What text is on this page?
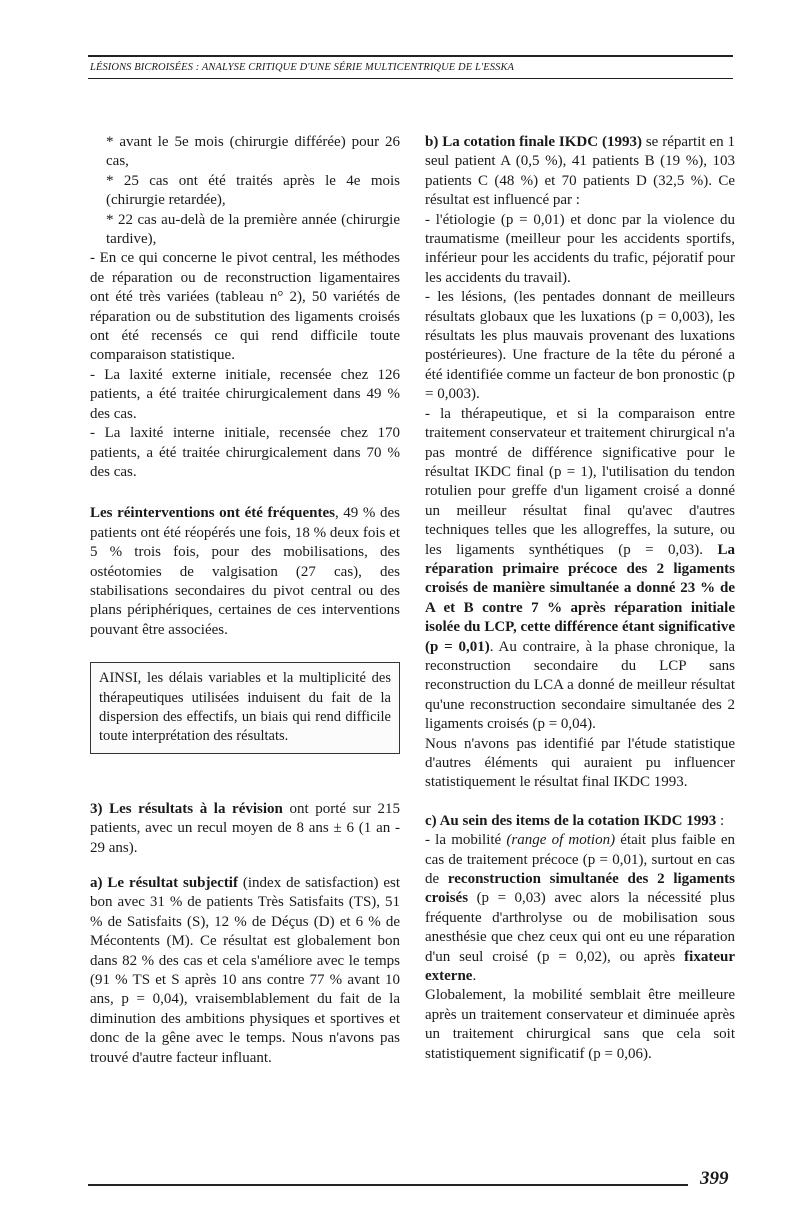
LÉSIONS BICROISÉES : ANALYSE CRITIQUE D'UNE SÉRIE MULTICENTRIQUE DE L'ESSKA

* avant le 5e mois (chirurgie différée) pour 26 cas,

* 25 cas ont été traités après le 4e mois (chirurgie retardée),

* 22 cas au-delà de la première année (chirurgie tardive),

- En ce qui concerne le pivot central, les méthodes de réparation ou de reconstruction ligamentaires ont été très variées (tableau n° 2), 50 variétés de réparation ou de substitution des ligaments croisés ont été recensés ce qui rend difficile toute comparaison statistique.

- La laxité externe initiale, recensée chez 126 patients, a été traitée chirurgicalement dans 49 % des cas.

- La laxité interne initiale, recensée chez 170 patients, a été traitée chirurgicalement dans 70 % des cas.

Les réinterventions ont été fréquentes, 49 % des patients ont été réopérés une fois, 18 % deux fois et 5 % trois fois, pour des mobilisations, des ostéotomies de valgisation (27 cas), des stabilisations secondaires du pivot central ou des plans périphériques, certaines de ces interventions pouvant être associées.

AINSI, les délais variables et la multiplicité des thérapeutiques utilisées induisent du fait de la dispersion des effectifs, un biais qui rend difficile toute interprétation des résultats.

3) Les résultats à la révision ont porté sur 215 patients, avec un recul moyen de 8 ans ± 6 (1 an - 29 ans).

a) Le résultat subjectif (index de satisfaction) est bon avec 31 % de patients Très Satisfaits (TS), 51 % de Satisfaits (S), 12 % de Déçus (D) et 6 % de Mécontents (M). Ce résultat est globalement bon dans 82 % des cas et cela s'améliore avec le temps (91 % TS et S après 10 ans contre 77 % avant 10 ans, p = 0,04), vraisemblablement du fait de la diminution des ambitions physiques et sportives et donc de la gêne avec le temps. Nous n'avons pas trouvé d'autre facteur influant.

b) La cotation finale IKDC (1993) se répartit en 1 seul patient A (0,5 %), 41 patients B (19 %), 103 patients C (48 %) et 70 patients D (32,5 %). Ce résultat est influencé par :

- l'étiologie (p = 0,01) et donc par la violence du traumatisme (meilleur pour les accidents sportifs, inférieur pour les accidents du trafic, péjoratif pour les accidents du travail).

- les lésions, (les pentades donnant de meilleurs résultats globaux que les luxations (p = 0,003), les résultats les plus mauvais provenant des luxations postérieures). Une fracture de la tête du péroné a été identifiée comme un facteur de bon pronostic (p = 0,003).

- la thérapeutique, et si la comparaison entre traitement conservateur et traitement chirurgical n'a pas montré de différence significative pour le résultat IKDC final (p = 1), l'utilisation du tendon rotulien pour greffe d'un ligament croisé a donné un meilleur résultat final qu'avec d'autres techniques telles que les allogreffes, la suture, ou les ligaments synthétiques (p = 0,03). La réparation primaire précoce des 2 ligaments croisés de manière simultanée a donné 23 % de A et B contre 7 % après réparation initiale isolée du LCP, cette différence étant significative (p = 0,01). Au contraire, à la phase chronique, la reconstruction secondaire du LCP sans reconstruction du LCA a donné de meilleur résultat qu'une reconstruction secondaire simultanée des 2 ligaments croisés (p = 0,04).

Nous n'avons pas identifié par l'étude statistique d'autres éléments qui auraient pu influencer statistiquement le résultat final IKDC 1993.

c) Au sein des items de la cotation IKDC 1993 :

- la mobilité (range of motion) était plus faible en cas de traitement précoce (p = 0,01), surtout en cas de reconstruction simultanée des 2 ligaments croisés (p = 0,03) avec alors la nécessité plus fréquente d'arthrolyse ou de mobilisation sous anesthésie que chez ceux qui ont eu une réparation d'un seul croisé (p = 0,02), ou après fixateur externe.

Globalement, la mobilité semblait être meilleure après un traitement conservateur et diminuée après un traitement chirurgical sans que cela soit statistiquement significatif (p = 0,06).

399
